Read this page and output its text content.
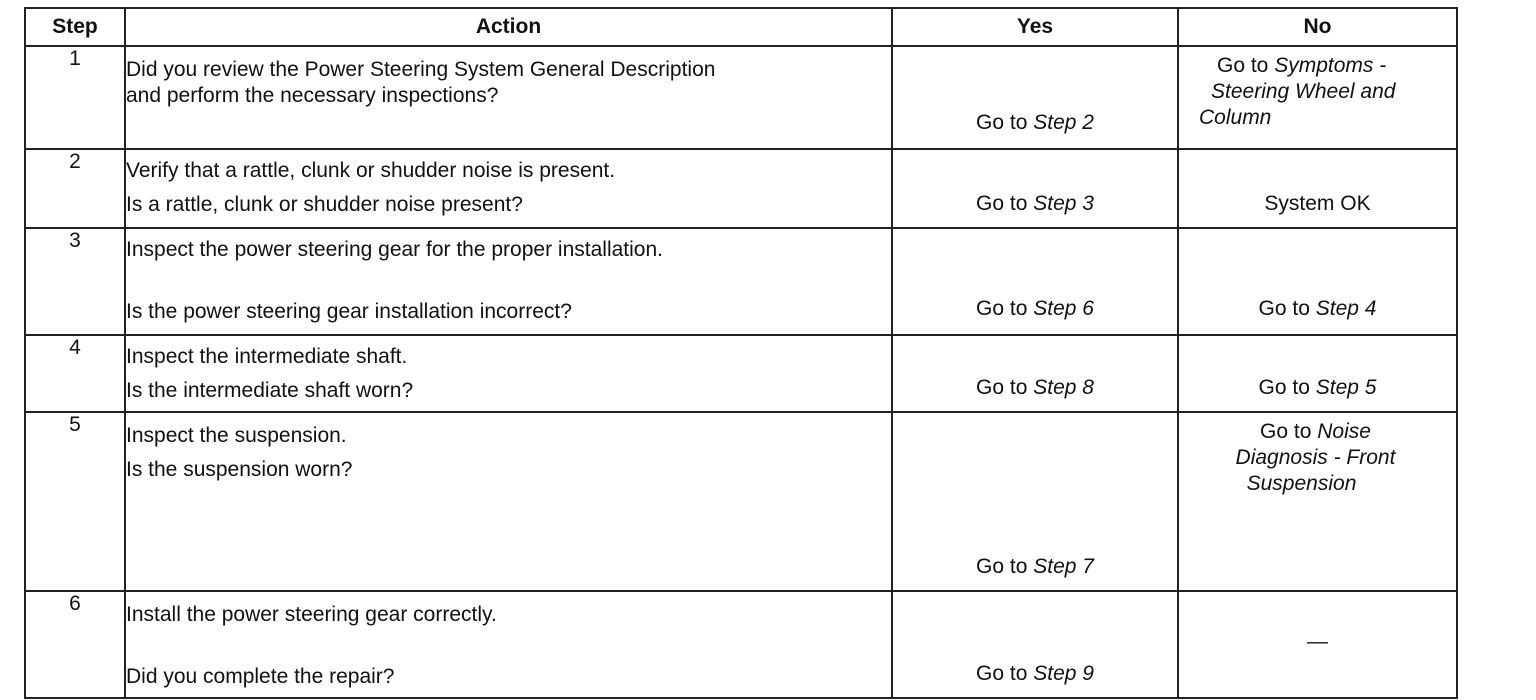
Step	Action	Yes	No
1	Did you review the Power Steering System General Description
and perform the necessary inspections?	Go to Step 2	Go to Symptoms -
Steering Wheel and
Column

2	Verify that a rattle, clunk or shudder noise is present.
Is a rattle, clunk or shudder noise present?	Go to Step 3	System OK

3	Inspect the power steering gear for the proper installation.
Is the power steering gear installation incorrect?	Go to Step 6	Go to Step 4

4	Inspect the intermediate shaft.
Is the intermediate shaft worn?	Go to Step 8	Go to Step 5

5	Inspect the suspension.
Is the suspension worn?	Go to Step 7	Go to Noise
Diagnosis - Front
Suspension

6	Install the power steering gear correctly.
Did you complete the repair?	Go to Step 9	—
